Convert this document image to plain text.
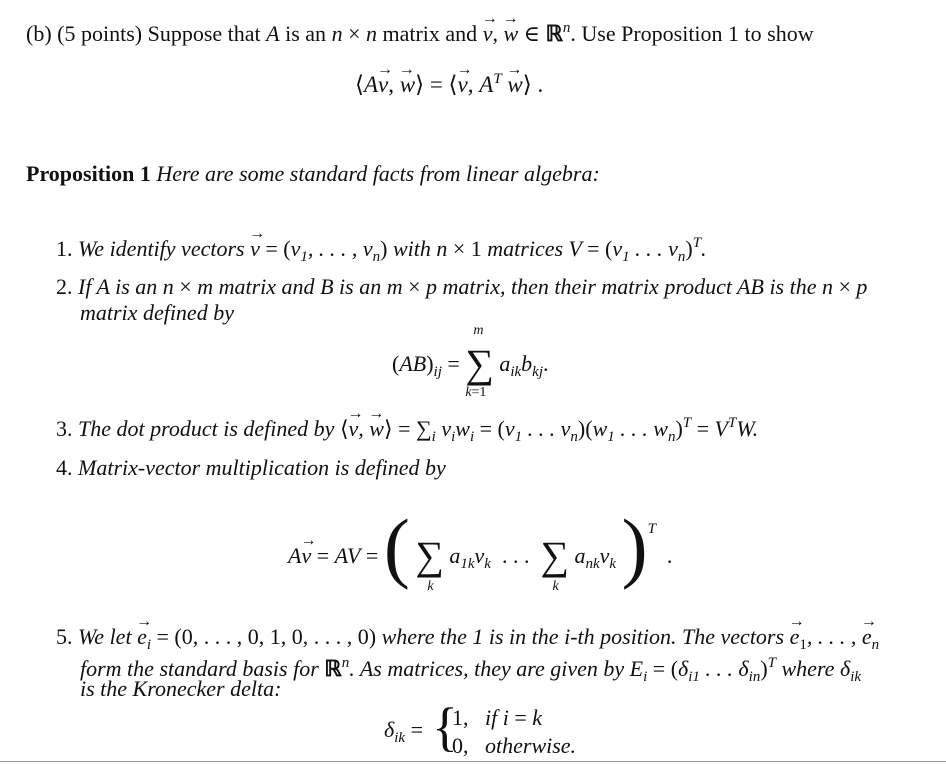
(b) (5 points) Suppose that A is an n × n matrix and → v, → w ∈ ℝ$^n$. Use Proposition 1 to show
⟨A→ v, → w⟩ = ⟨→ v, $A^T$ → w⟩ .
Proposition 1 Here are some standard facts from linear algebra:
1. We identify vectors → $v = (v_1$, . . . , $v_n$) with n × 1 matrices $V = (v_1$ . . . $v_n)^T$.
2. If A is an n × m matrix and B is an m × p matrix, then their matrix product AB is the n × p
matrix defined by
$(AB)_{ij}$ = ∑
m
k=1
$a_{ik}b_{kj}$.
3. The dot product is defined by ⟨→ v, → w⟩ = $\sum_i$ $v_iw_i = (v_1$ . . . $v_n)(w_1$ . . . $w_n)^T = V^TW$.
4. Matrix-vector multiplication is defined by
A→ v = AV = ( ∑
k
$a_{1k}v_k$  . . .  ∑
k
$a_{nk}v_k$ )$^T$  .
5. We let → $e_i = (0$, . . . , 0, 1, 0, . . . , 0) where the 1 is in the i-th position. The vectors → $e_1$, . . . , → $e_n$
form the standard basis for ℝ$^n$. As matrices, they are given by $E_i = (\delta_{i1}$ . . . $\delta_{in})^T$ where $\delta_{ik}$
is the Kronecker delta:
$\delta_{ik}$ = {
1,   if i = k
0,   otherwise.
